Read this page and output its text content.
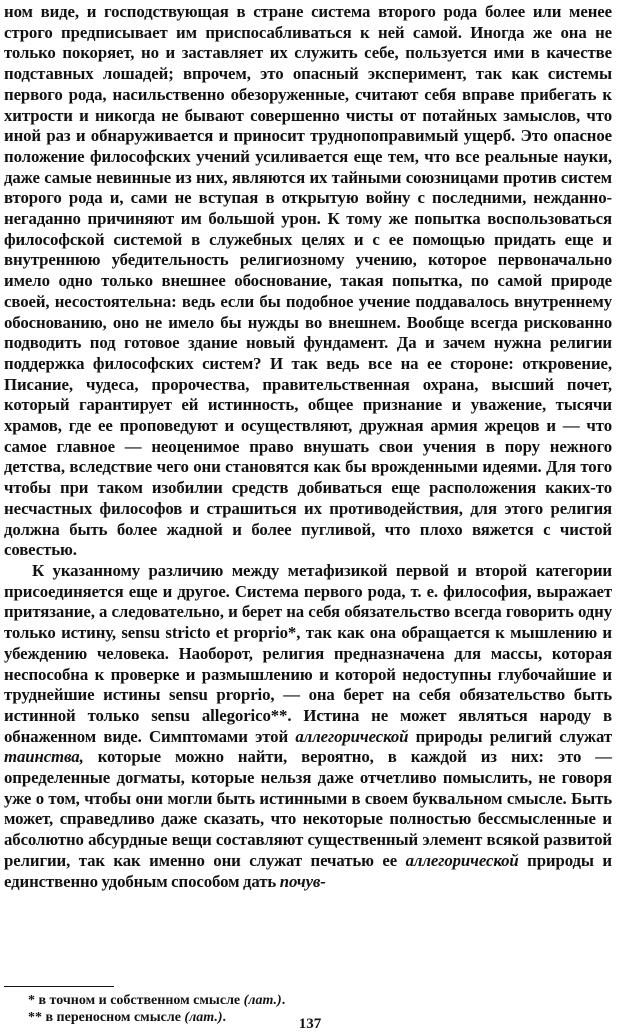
ном виде, и господствующая в стране система второго рода более или менее строго предписывает им приспосабливаться к ней самой. Иногда же она не только покоряет, но и заставляет их служить себе, пользуется ими в качестве подставных лошадей; впрочем, это опасный эксперимент, так как системы первого рода, насильственно обезоруженные, считают себя вправе прибегать к хитрости и никогда не бывают совершенно чисты от потайных замыслов, что иной раз и обнаруживается и приносит труднопоправимый ущерб. Это опасное положение философских учений усиливается еще тем, что все реальные науки, даже самые невинные из них, являются их тайными союзницами против систем второго рода и, сами не вступая в открытую войну с последними, нежданно-негаданно причиняют им большой урон. К тому же попытка воспользоваться философской системой в служебных целях и с ее помощью придать еще и внутреннюю убедительность религиозному учению, которое первоначально имело одно только внешнее обоснование, такая попытка, по самой природе своей, несостоятельна: ведь если бы подобное учение поддавалось внутреннему обоснованию, оно не имело бы нужды во внешнем. Вообще всегда рискованно подводить под готовое здание новый фундамент. Да и зачем нужна религии поддержка философских систем? И так ведь все на ее стороне: откровение, Писание, чудеса, пророчества, правительственная охрана, высший почет, который гарантирует ей истинность, общее признание и уважение, тысячи храмов, где ее проповедуют и осуществляют, дружная армия жрецов и — что самое главное — неоценимое право внушать свои учения в пору нежного детства, вследствие чего они становятся как бы врожденными идеями. Для того чтобы при таком изобилии средств добиваться еще расположения каких-то несчастных философов и страшиться их противодействия, для этого религия должна быть более жадной и более пугливой, что плохо вяжется с чистой совестью.

К указанному различию между метафизикой первой и второй категории присоединяется еще и другое. Система первого рода, т. е. философия, выражает притязание, а следовательно, и берет на себя обязательство всегда говорить одну только истину, sensu stricto et proprio*, так как она обращается к мышлению и убеждению человека. Наоборот, религия предназначена для массы, которая неспособна к проверке и размышлению и которой недоступны глубочайшие и труднейшие истины sensu proprio, — она берет на себя обязательство быть истинной только sensu allegorico**. Истина не может являться народу в обнаженном виде. Симптомами этой аллегорической природы религий служат таинства, которые можно найти, вероятно, в каждой из них: это — определенные догматы, которые нельзя даже отчетливо помыслить, не говоря уже о том, чтобы они могли быть истинными в своем буквальном смысле. Быть может, справедливо даже сказать, что некоторые полностью бессмысленные и абсолютно абсурдные вещи составляют существенный элемент всякой развитой религии, так как именно они служат печатью ее аллегорической природы и единственно удобным способом дать почув-

* в точном и собственном смысле (лат.).
** в переносном смысле (лат.).	137
